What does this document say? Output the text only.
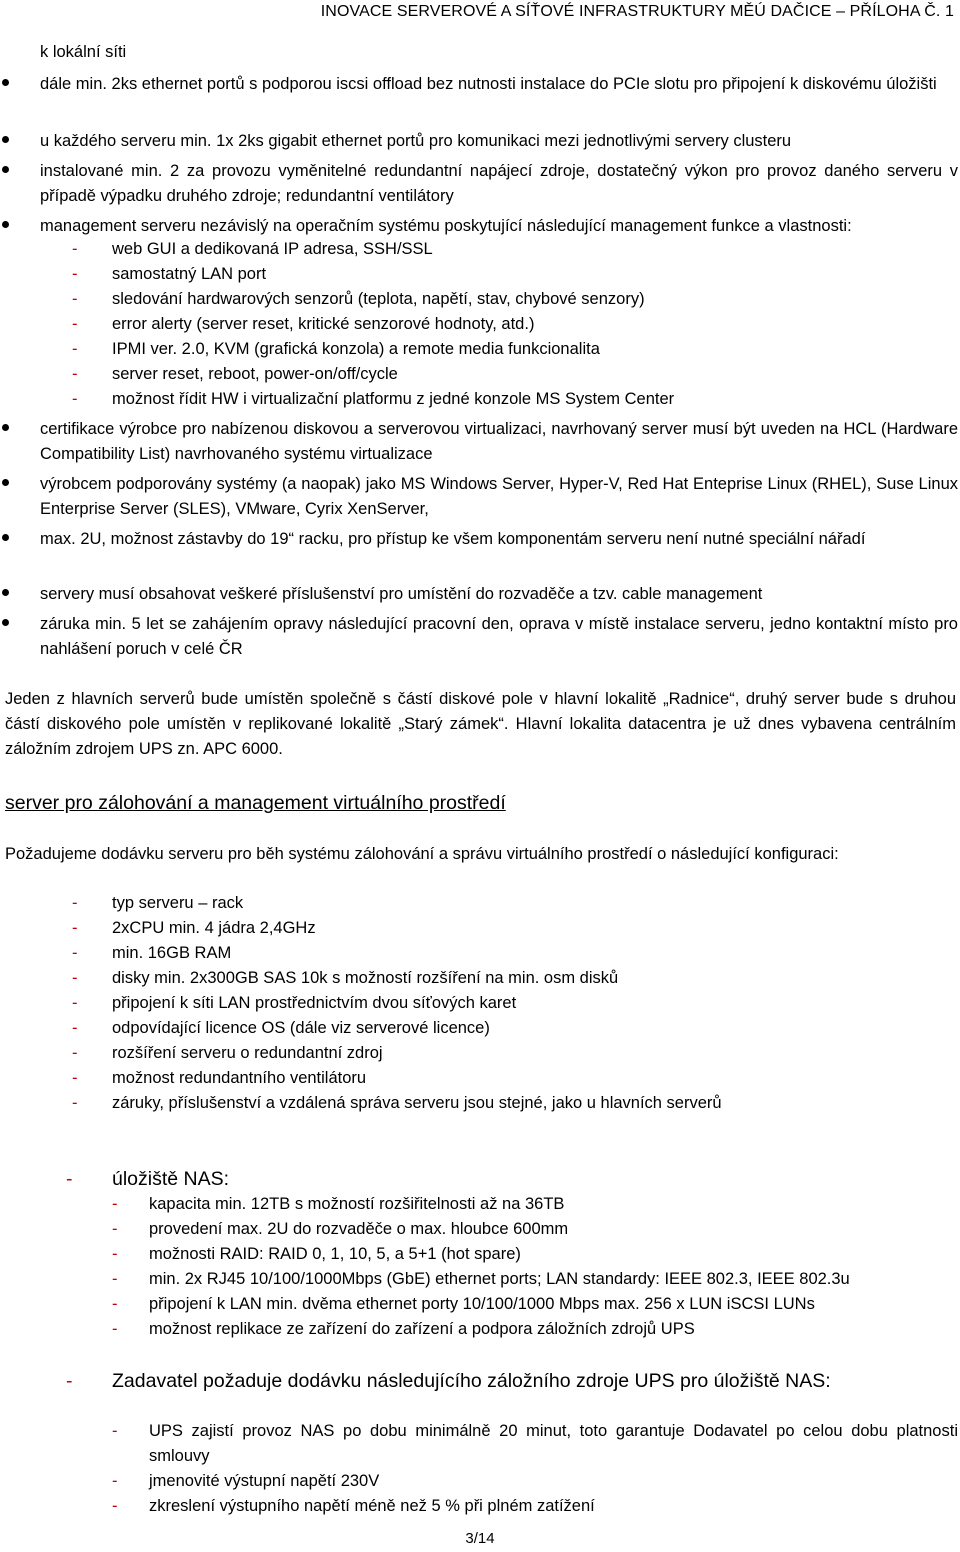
INOVACE SERVEROVÉ A SÍŤOVÉ INFRASTRUKTURY MĚÚ DAČICE – PŘÍLOHA Č. 1

k lokální síti

dále min. 2ks ethernet portů s podporou iscsi offload bez nutnosti instalace do PCIe slotu pro připojení k diskovému úložišti

u každého serveru min. 1x 2ks gigabit ethernet portů pro komunikaci mezi jednotlivými servery clusteru

instalované min. 2 za provozu vyměnitelné redundantní napájecí zdroje, dostatečný výkon pro provoz daného serveru v případě výpadku druhého zdroje; redundantní ventilátory

management serveru nezávislý na operačním systému poskytující následující management funkce a vlastnosti:

- web GUI a dedikovaná IP adresa, SSH/SSL
- samostatný LAN port
- sledování hardwarových senzorů (teplota, napětí, stav, chybové senzory)
- error alerty (server reset, kritické senzorové hodnoty, atd.)
- IPMI ver. 2.0, KVM (grafická konzola) a remote media funkcionalita
- server reset, reboot, power-on/off/cycle
- možnost řídit HW i virtualizační platformu z jedné konzole MS System Center

certifikace výrobce pro nabízenou diskovou a serverovou virtualizaci, navrhovaný server musí být uveden na HCL (Hardware Compatibility List) navrhovaného systému virtualizace

výrobcem podporovány systémy (a naopak) jako MS Windows Server, Hyper-V, Red Hat Enteprise Linux (RHEL), Suse Linux Enterprise Server (SLES), VMware, Cyrix XenServer,

max. 2U, možnost zástavby do 19“ racku, pro přístup ke všem komponentám serveru není nutné speciální nářadí

servery musí obsahovat veškeré příslušenství pro umístění do rozvaděče a tzv. cable management

záruka min. 5 let se zahájením opravy následující pracovní den, oprava v místě instalace serveru, jedno kontaktní místo pro nahlášení poruch v celé ČR

Jeden z hlavních serverů bude umístěn společně s částí diskové pole v hlavní lokalitě „Radnice“, druhý server bude s druhou částí diskového pole umístěn v replikované lokalitě „Starý zámek“. Hlavní lokalita datacentra je už dnes vybavena centrálním záložním zdrojem UPS zn. APC 6000.

server pro zálohování a management virtuálního prostředí

Požadujeme dodávku serveru pro běh systému zálohování a správu virtuálního prostředí o následující konfiguraci:

- typ serveru – rack
- 2xCPU min. 4 jádra 2,4GHz
- min. 16GB RAM
- disky min. 2x300GB SAS 10k s možností rozšíření na min. osm disků
- připojení k síti LAN prostřednictvím dvou síťových karet
- odpovídající licence OS (dále viz serverové licence)
- rozšíření serveru o redundantní zdroj
- možnost redundantního ventilátoru
- záruky, příslušenství a vzdálená správa serveru jsou stejné, jako u hlavních serverů
- úložiště NAS:
- kapacita min. 12TB s možností rozšiřitelnosti až na 36TB
- provedení max. 2U do rozvaděče o max. hloubce 600mm
- možnosti RAID: RAID 0, 1, 10, 5, a 5+1 (hot spare)
- min. 2x RJ45 10/100/1000Mbps (GbE) ethernet ports; LAN standardy: IEEE 802.3, IEEE 802.3u
- připojení k LAN min. dvěma ethernet porty 10/100/1000 Mbps max. 256 x LUN iSCSI LUNs
- možnost replikace ze zařízení do zařízení a podpora záložních zdrojů UPS
- Zadavatel požaduje dodávku následujícího záložního zdroje UPS pro úložiště NAS:
- UPS zajistí provoz NAS po dobu minimálně 20 minut, toto garantuje Dodavatel po celou dobu platnosti smlouvy
- jmenovité výstupní napětí 230V
- zkreslení výstupního napětí méně než 5 % při plném zatížení
3/14
